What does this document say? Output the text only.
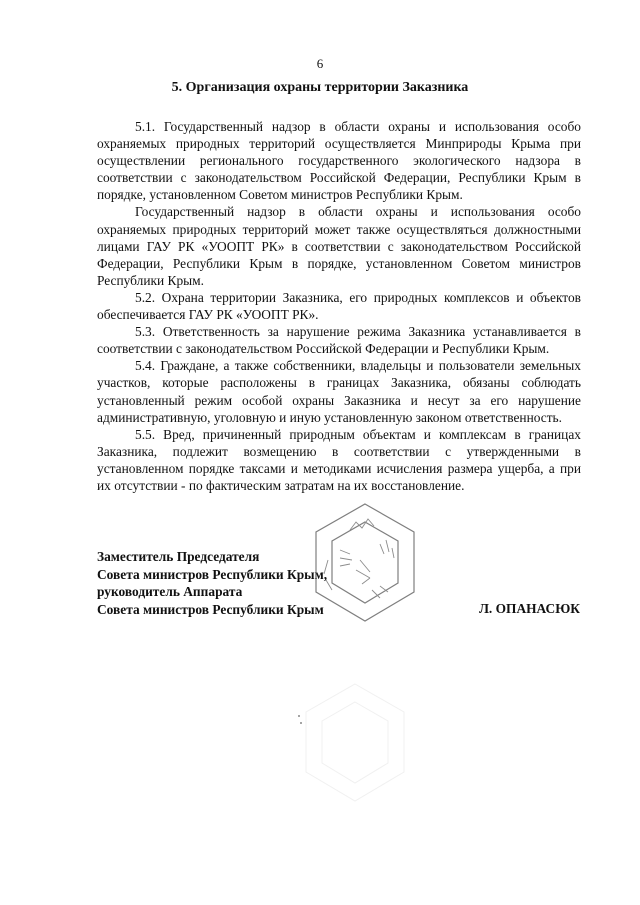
6
5. Организация охраны территории Заказника

5.1. Государственный надзор в области охраны и использования особо охраняемых природных территорий осуществляется Минприроды Крыма при осуществлении регионального государственного экологического надзора в соответствии с законодательством Российской Федерации, Республики Крым в порядке, установленном Советом министров Республики Крым.

Государственный надзор в области охраны и использования особо охраняемых природных территорий может также осуществляться должностными лицами ГАУ РК «УООПТ РК» в соответствии с законодательством Российской Федерации, Республики Крым в порядке, установленном Советом министров Республики Крым.

5.2. Охрана территории Заказника, его природных комплексов и объектов обеспечивается ГАУ РК «УООПТ РК».

5.3. Ответственность за нарушение режима Заказника устанавливается в соответствии с законодательством Российской Федерации и Республики Крым.

5.4. Граждане, а также собственники, владельцы и пользователи земельных участков, которые расположены в границах Заказника, обязаны соблюдать установленный режим особой охраны Заказника и несут за его нарушение административную, уголовную и иную установленную законом ответственность.

5.5. Вред, причиненный природным объектам и комплексам в границах Заказника, подлежит возмещению в соответствии с утвержденными в установленном порядке таксами и методиками исчисления размера ущерба, а при их отсутствии - по фактическим затратам на их восстановление.

Заместитель Председателя
Совета министров Республики Крым,
руководитель Аппарата
Совета министров Республики Крым	Л. ОПАНАСЮК
